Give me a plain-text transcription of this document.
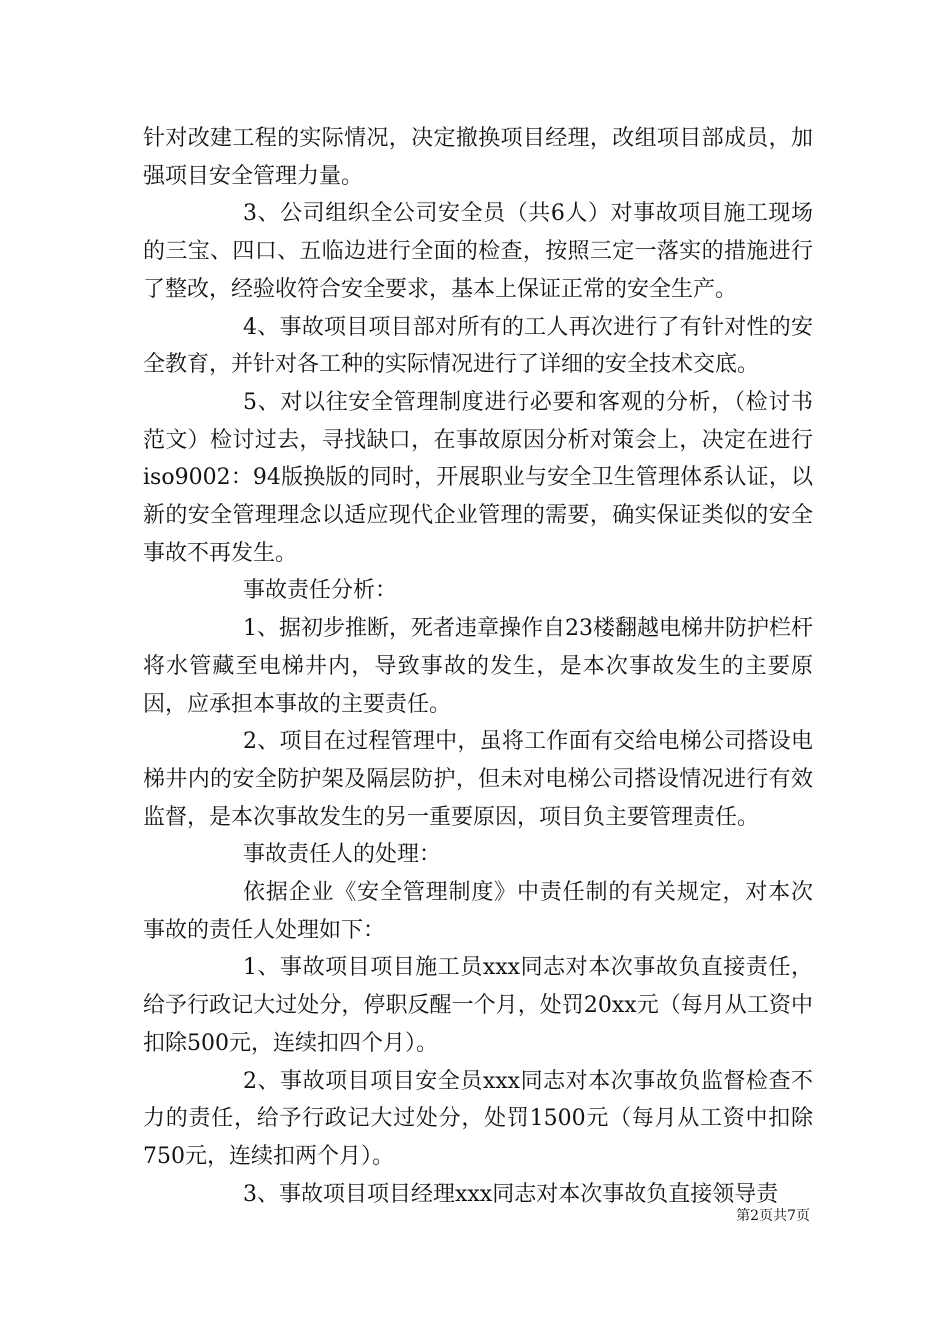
针对改建工程的实际情况，决定撤换项目经理，改组项目部成员，加强项目安全管理力量。

3、公司组织全公司安全员（共6人）对事故项目施工现场的三宝、四口、五临边进行全面的检查，按照三定一落实的措施进行了整改，经验收符合安全要求，基本上保证正常的安全生产。

4、事故项目项目部对所有的工人再次进行了有针对性的安全教育，并针对各工种的实际情况进行了详细的安全技术交底。

5、对以往安全管理制度进行必要和客观的分析，（检讨书范文）检讨过去，寻找缺口，在事故原因分析对策会上，决定在进行iso9002：94版换版的同时，开展职业与安全卫生管理体系认证，以新的安全管理理念以适应现代企业管理的需要，确实保证类似的安全事故不再发生。

事故责任分析：

1、据初步推断，死者违章操作自23楼翻越电梯井防护栏杆将水管藏至电梯井内，导致事故的发生，是本次事故发生的主要原因，应承担本事故的主要责任。

2、项目在过程管理中，虽将工作面有交给电梯公司搭设电梯井内的安全防护架及隔层防护，但未对电梯公司搭设情况进行有效监督，是本次事故发生的另一重要原因，项目负主要管理责任。

事故责任人的处理：

依据企业《安全管理制度》中责任制的有关规定，对本次事故的责任人处理如下：

1、事故项目项目施工员xxx同志对本次事故负直接责任，给予行政记大过处分，停职反醒一个月，处罚20xx元（每月从工资中扣除500元，连续扣四个月）。

2、事故项目项目安全员xxx同志对本次事故负监督检查不力的责任，给予行政记大过处分，处罚1500元（每月从工资中扣除750元，连续扣两个月）。

3、事故项目项目经理xxx同志对本次事故负直接领导责

第2页共7页
